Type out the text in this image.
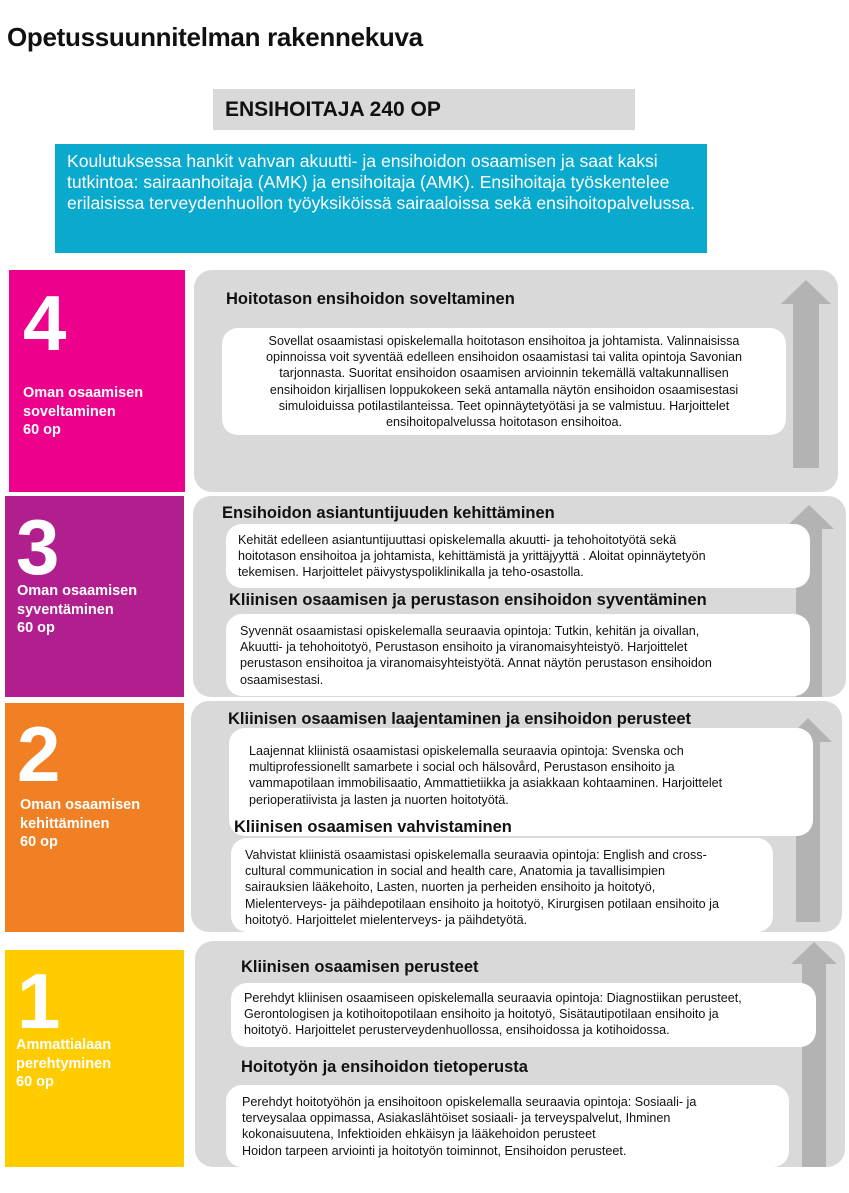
Opetussuunnitelman rakennekuva
ENSIHOITAJA 240 OP
Koulutuksessa hankit vahvan akuutti- ja ensihoidon osaamisen ja saat kaksi tutkintoa: sairaanhoitaja (AMK) ja ensihoitaja (AMK). Ensihoitaja työskentelee erilaisissa terveydenhuollon työyksiköissä sairaaloissa sekä ensihoitopalvelussa.
4
Oman osaamisen
soveltaminen
60 op
Hoitotason ensihoidon soveltaminen
Sovellat osaamistasi opiskelemalla hoitotason ensihoitoa ja johtamista. Valinnaisissa
opinnoissa voit syventää edelleen ensihoidon osaamistasi tai valita opintoja Savonian
tarjonnasta. Suoritat ensihoidon osaamisen arvioinnin tekemällä valtakunnallisen
ensihoidon kirjallisen loppukokeen sekä antamalla näytön ensihoidon osaamisestasi
simuloiduissa potilastilanteissa. Teet opinnäytetyötäsi ja se valmistuu. Harjoittelet
ensihoitopalvelussa hoitotason ensihoitoa.
3
Oman osaamisen
syventäminen
60 op
Ensihoidon asiantuntijuuden kehittäminen
Kehität edelleen asiantuntijuuttasi opiskelemalla akuutti- ja tehohoitotyötä sekä
hoitotason ensihoitoa ja johtamista, kehittämistä ja yrittäjyyttä . Aloitat opinnäytetyön
tekemisen. Harjoittelet päivystyspoliklinikalla ja teho-osastolla.
Kliinisen osaamisen ja perustason ensihoidon syventäminen
Syvennät osaamistasi opiskelemalla seuraavia opintoja: Tutkin, kehitän ja oivallan,
Akuutti- ja tehohoitotyö, Perustason ensihoito ja viranomaisyhteistyö. Harjoittelet
perustason ensihoitoa ja viranomaisyhteistyötä. Annat näytön perustason ensihoidon
osaamisestasi.
2
Oman osaamisen
kehittäminen
60 op
Kliinisen osaamisen laajentaminen ja ensihoidon perusteet
Laajennat kliinistä osaamistasi opiskelemalla seuraavia opintoja: Svenska och
multiprofessionellt samarbete i social och hälsovård, Perustason ensihoito ja
vammapotilaan immobilisaatio, Ammattietiikka ja asiakkaan kohtaaminen. Harjoittelet
perioperatiivista ja lasten ja nuorten hoitotyötä.
Kliinisen osaamisen vahvistaminen
Vahvistat kliinistä osaamistasi opiskelemalla seuraavia opintoja: English and cross-
cultural communication in social and health care, Anatomia ja tavallisimpien
sairauksien lääkehoito, Lasten, nuorten ja perheiden ensihoito ja hoitotyö,
Mielenterveys- ja päihdepotilaan ensihoito ja hoitotyö, Kirurgisen potilaan ensihoito ja
hoitotyö. Harjoittelet mielenterveys- ja päihdetyötä.
1
Ammattialaan
perehtyminen
60 op
Kliinisen osaamisen perusteet
Perehdyt kliinisen osaamiseen opiskelemalla seuraavia opintoja: Diagnostiikan perusteet,
Gerontologisen ja kotihoitopotilaan ensihoito ja hoitotyö, Sisätautipotilaan ensihoito ja
hoitotyö. Harjoittelet perusterveydenhuollossa, ensihoidossa ja kotihoidossa.
Hoitotyön ja ensihoidon tietoperusta
Perehdyt hoitotyöhön ja ensihoitoon opiskelemalla seuraavia opintoja: Sosiaali- ja
terveysalaa oppimassa, Asiakaslähtöiset sosiaali- ja terveyspalvelut, Ihminen
kokonaisuutena, Infektioiden ehkäisyn ja lääkehoidon perusteet
Hoidon tarpeen arviointi ja hoitotyön toiminnot, Ensihoidon perusteet.
